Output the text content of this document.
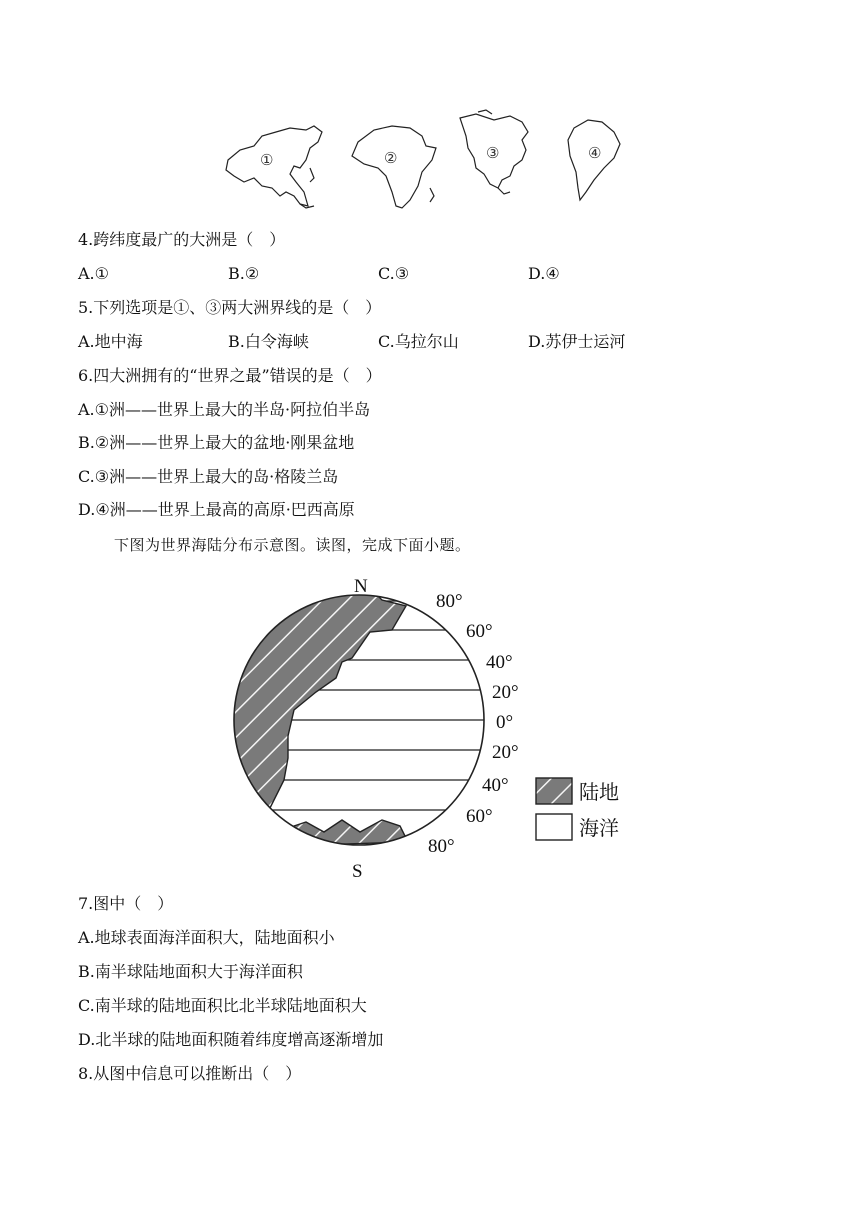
①	②	③	④
4.跨纬度最广的大洲是（　）
A.①	B.②	C.③	D.④
5.下列选项是①、③两大洲界线的是（　）
A.地中海	B.白令海峡	C.乌拉尔山	D.苏伊士运河
6.四大洲拥有的“世界之最”错误的是（　）
A.①洲——世界上最大的半岛·阿拉伯半岛
B.②洲——世界上最大的盆地·刚果盆地
C.③洲——世界上最大的岛·格陵兰岛
D.④洲——世界上最高的高原·巴西高原
下图为世界海陆分布示意图。读图，完成下面小题。
N
S
80°
60°
40°
20°
0°
20°
40°
60°
80°
陆地
海洋
7.图中（　）
A.地球表面海洋面积大，陆地面积小
B.南半球陆地面积大于海洋面积
C.南半球的陆地面积比北半球陆地面积大
D.北半球的陆地面积随着纬度增高逐渐增加
8.从图中信息可以推断出（　）
